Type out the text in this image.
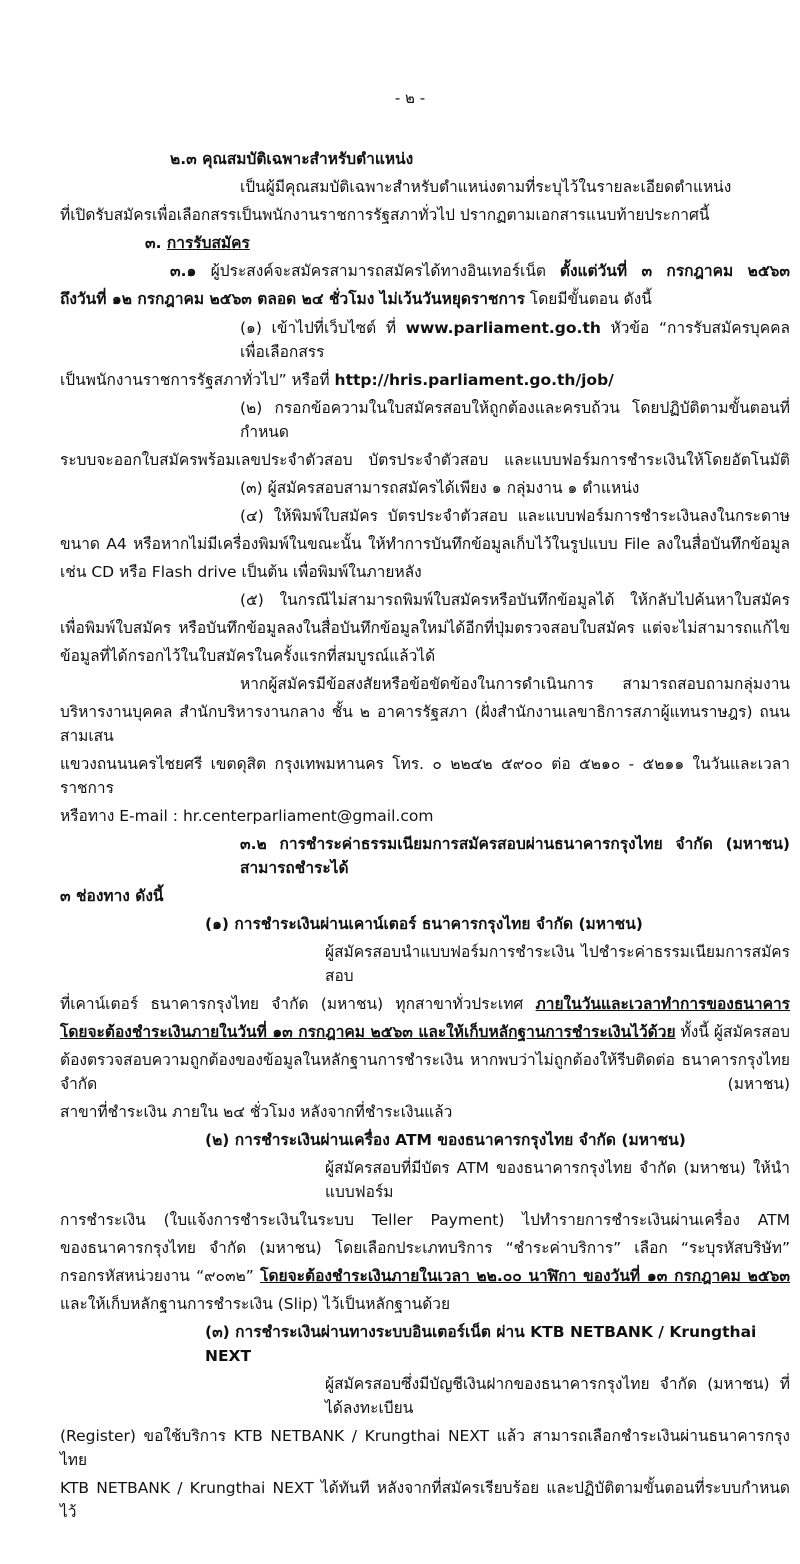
- ๒ -
๒.๓ คุณสมบัติเฉพาะสำหรับตำแหน่ง
เป็นผู้มีคุณสมบัติเฉพาะสำหรับตำแหน่งตามที่ระบุไว้ในรายละเอียดตำแหน่ง
ที่เปิดรับสมัครเพื่อเลือกสรรเป็นพนักงานราชการรัฐสภาทั่วไป ปรากฏตามเอกสารแนบท้ายประกาศนี้
๓. การรับสมัคร
๓.๑ ผู้ประสงค์จะสมัครสามารถสมัครได้ทางอินเทอร์เน็ต ตั้งแต่วันที่ ๓ กรกฎาคม ๒๕๖๓
ถึงวันที่ ๑๒ กรกฎาคม ๒๕๖๓ ตลอด ๒๔ ชั่วโมง ไม่เว้นวันหยุดราชการ โดยมีขั้นตอน ดังนี้
(๑) เข้าไปที่เว็บไซต์ ที่ www.parliament.go.th หัวข้อ “การรับสมัครบุคคลเพื่อเลือกสรร
เป็นพนักงานราชการรัฐสภาทั่วไป” หรือที่ http://hris.parliament.go.th/job/
(๒) กรอกข้อความในใบสมัครสอบให้ถูกต้องและครบถ้วน โดยปฏิบัติตามขั้นตอนที่กำหนด
ระบบจะออกใบสมัครพร้อมเลขประจำตัวสอบ บัตรประจำตัวสอบ และแบบฟอร์มการชำระเงินให้โดยอัตโนมัติ
(๓) ผู้สมัครสอบสามารถสมัครได้เพียง ๑ กลุ่มงาน ๑ ตำแหน่ง
(๔) ให้พิมพ์ใบสมัคร บัตรประจำตัวสอบ และแบบฟอร์มการชำระเงินลงในกระดาษ
ขนาด A4 หรือหากไม่มีเครื่องพิมพ์ในขณะนั้น ให้ทำการบันทึกข้อมูลเก็บไว้ในรูปแบบ File ลงในสื่อบันทึกข้อมูล
เช่น CD หรือ Flash drive เป็นต้น เพื่อพิมพ์ในภายหลัง
(๕) ในกรณีไม่สามารถพิมพ์ใบสมัครหรือบันทึกข้อมูลได้ ให้กลับไปค้นหาใบสมัคร
เพื่อพิมพ์ใบสมัคร หรือบันทึกข้อมูลลงในสื่อบันทึกข้อมูลใหม่ได้อีกที่ปุ่มตรวจสอบใบสมัคร แต่จะไม่สามารถแก้ไข
ข้อมูลที่ได้กรอกไว้ในใบสมัครในครั้งแรกที่สมบูรณ์แล้วได้
หากผู้สมัครมีข้อสงสัยหรือข้อขัดข้องในการดำเนินการ สามารถสอบถามกลุ่มงาน
บริหารงานบุคคล สำนักบริหารงานกลาง ชั้น ๒ อาคารรัฐสภา (ฝั่งสำนักงานเลขาธิการสภาผู้แทนราษฎร) ถนนสามเสน
แขวงถนนนครไชยศรี เขตดุสิต กรุงเทพมหานคร โทร. ๐ ๒๒๔๒ ๕๙๐๐ ต่อ ๕๒๑๐ - ๕๒๑๑ ในวันและเวลาราชการ
หรือทาง E-mail : hr.centerparliament@gmail.com
๓.๒ การชำระค่าธรรมเนียมการสมัครสอบผ่านธนาคารกรุงไทย จำกัด (มหาชน) สามารถชำระได้
๓ ช่องทาง ดังนี้
(๑) การชำระเงินผ่านเคาน์เตอร์ ธนาคารกรุงไทย จำกัด (มหาชน)
ผู้สมัครสอบนำแบบฟอร์มการชำระเงิน ไปชำระค่าธรรมเนียมการสมัครสอบ
ที่เคาน์เตอร์ ธนาคารกรุงไทย จำกัด (มหาชน) ทุกสาขาทั่วประเทศ ภายในวันและเวลาทำการของธนาคาร
โดยจะต้องชำระเงินภายในวันที่ ๑๓ กรกฎาคม ๒๕๖๓ และให้เก็บหลักฐานการชำระเงินไว้ด้วย ทั้งนี้ ผู้สมัครสอบ
ต้องตรวจสอบความถูกต้องของข้อมูลในหลักฐานการชำระเงิน หากพบว่าไม่ถูกต้องให้รีบติดต่อ ธนาคารกรุงไทย จำกัด (มหาชน)
สาขาที่ชำระเงิน ภายใน ๒๔ ชั่วโมง หลังจากที่ชำระเงินแล้ว
(๒) การชำระเงินผ่านเครื่อง ATM ของธนาคารกรุงไทย จำกัด (มหาชน)
ผู้สมัครสอบที่มีบัตร ATM ของธนาคารกรุงไทย จำกัด (มหาชน) ให้นำแบบฟอร์ม
การชำระเงิน (ใบแจ้งการชำระเงินในระบบ Teller Payment) ไปทำรายการชำระเงินผ่านเครื่อง ATM
ของธนาคารกรุงไทย จำกัด (มหาชน) โดยเลือกประเภทบริการ “ชำระค่าบริการ” เลือก “ระบุรหัสบริษัท”
กรอกรหัสหน่วยงาน “๙๐๓๒” โดยจะต้องชำระเงินภายในเวลา ๒๒.๐๐ นาฬิกา ของวันที่ ๑๓ กรกฎาคม ๒๕๖๓
และให้เก็บหลักฐานการชำระเงิน (Slip) ไว้เป็นหลักฐานด้วย
(๓) การชำระเงินผ่านทางระบบอินเตอร์เน็ต ผ่าน KTB NETBANK / Krungthai NEXT
ผู้สมัครสอบซึ่งมีบัญชีเงินฝากของธนาคารกรุงไทย จำกัด (มหาชน) ที่ได้ลงทะเบียน
(Register) ขอใช้บริการ KTB NETBANK / Krungthai NEXT แล้ว สามารถเลือกชำระเงินผ่านธนาคารกรุงไทย
KTB NETBANK / Krungthai NEXT ได้ทันที หลังจากที่สมัครเรียบร้อย และปฏิบัติตามขั้นตอนที่ระบบกำหนดไว้
